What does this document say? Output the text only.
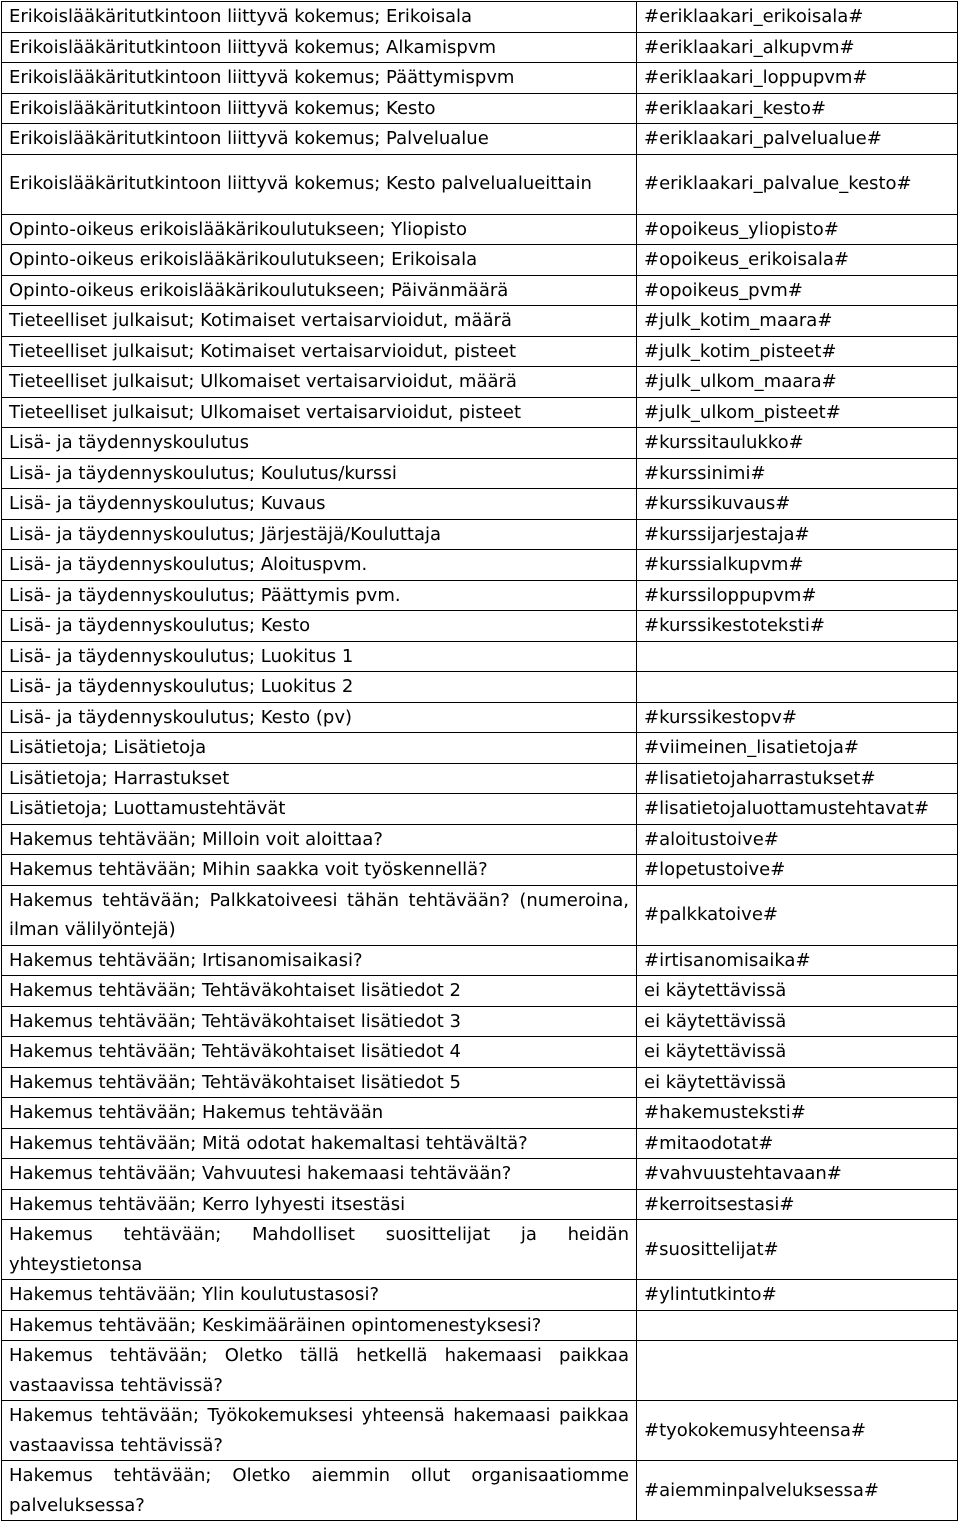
Erikoislääkäritutkintoon liittyvä kokemus; Erikoisala	#eriklaakari_erikoisala#
Erikoislääkäritutkintoon liittyvä kokemus; Alkamispvm	#eriklaakari_alkupvm#
Erikoislääkäritutkintoon liittyvä kokemus; Päättymispvm	#eriklaakari_loppupvm#
Erikoislääkäritutkintoon liittyvä kokemus; Kesto	#eriklaakari_kesto#
Erikoislääkäritutkintoon liittyvä kokemus; Palvelualue	#eriklaakari_palvelualue#
Erikoislääkäritutkintoon liittyvä kokemus; Kesto palvelualueittain	#eriklaakari_palvalue_kesto#
Opinto-oikeus erikoislääkärikoulutukseen; Yliopisto	#opoikeus_yliopisto#
Opinto-oikeus erikoislääkärikoulutukseen; Erikoisala	#opoikeus_erikoisala#
Opinto-oikeus erikoislääkärikoulutukseen; Päivänmäärä	#opoikeus_pvm#
Tieteelliset julkaisut; Kotimaiset vertaisarvioidut, määrä	#julk_kotim_maara#
Tieteelliset julkaisut; Kotimaiset vertaisarvioidut, pisteet	#julk_kotim_pisteet#
Tieteelliset julkaisut; Ulkomaiset vertaisarvioidut, määrä	#julk_ulkom_maara#
Tieteelliset julkaisut; Ulkomaiset vertaisarvioidut, pisteet	#julk_ulkom_pisteet#
Lisä- ja täydennyskoulutus	#kurssitaulukko#
Lisä- ja täydennyskoulutus; Koulutus/kurssi	#kurssinimi#
Lisä- ja täydennyskoulutus; Kuvaus	#kurssikuvaus#
Lisä- ja täydennyskoulutus; Järjestäjä/Kouluttaja	#kurssijarjestaja#
Lisä- ja täydennyskoulutus; Aloituspvm.	#kurssialkupvm#
Lisä- ja täydennyskoulutus; Päättymis pvm.	#kurssiloppupvm#
Lisä- ja täydennyskoulutus; Kesto	#kurssikestoteksti#
Lisä- ja täydennyskoulutus; Luokitus 1	
Lisä- ja täydennyskoulutus; Luokitus 2	
Lisä- ja täydennyskoulutus; Kesto (pv)	#kurssikestopv#
Lisätietoja; Lisätietoja	#viimeinen_lisatietoja#
Lisätietoja; Harrastukset	#lisatietojaharrastukset#
Lisätietoja; Luottamustehtävät	#lisatietojaluottamustehtavat#
Hakemus tehtävään; Milloin voit aloittaa?	#aloitustoive#
Hakemus tehtävään; Mihin saakka voit työskennellä?	#lopetustoive#
Hakemus tehtävään; Palkkatoiveesi tähän tehtävään? (numeroina, ilman välilyöntejä)	#palkkatoive#
Hakemus tehtävään; Irtisanomisaikasi?	#irtisanomisaika#
Hakemus tehtävään; Tehtäväkohtaiset lisätiedot 2	ei käytettävissä
Hakemus tehtävään; Tehtäväkohtaiset lisätiedot 3	ei käytettävissä
Hakemus tehtävään; Tehtäväkohtaiset lisätiedot 4	ei käytettävissä
Hakemus tehtävään; Tehtäväkohtaiset lisätiedot 5	ei käytettävissä
Hakemus tehtävään; Hakemus tehtävään	#hakemusteksti#
Hakemus tehtävään; Mitä odotat hakemaltasi tehtävältä?	#mitaodotat#
Hakemus tehtävään; Vahvuutesi hakemaasi tehtävään?	#vahvuustehtavaan#
Hakemus tehtävään; Kerro lyhyesti itsestäsi	#kerroitsestasi#
Hakemus tehtävään; Mahdolliset suosittelijat ja heidän yhteystietonsa	#suosittelijat#
Hakemus tehtävään; Ylin koulutustasosi?	#ylintutkinto#
Hakemus tehtävään; Keskimääräinen opintomenestyksesi?	
Hakemus tehtävään; Oletko tällä hetkellä hakemaasi paikkaa vastaavissa tehtävissä?	
Hakemus tehtävään; Työkokemuksesi yhteensä hakemaasi paikkaa vastaavissa tehtävissä?	#tyokokemusyhteensa#
Hakemus tehtävään; Oletko aiemmin ollut organisaatiomme palveluksessa?	#aiemminpalveluksessa#
